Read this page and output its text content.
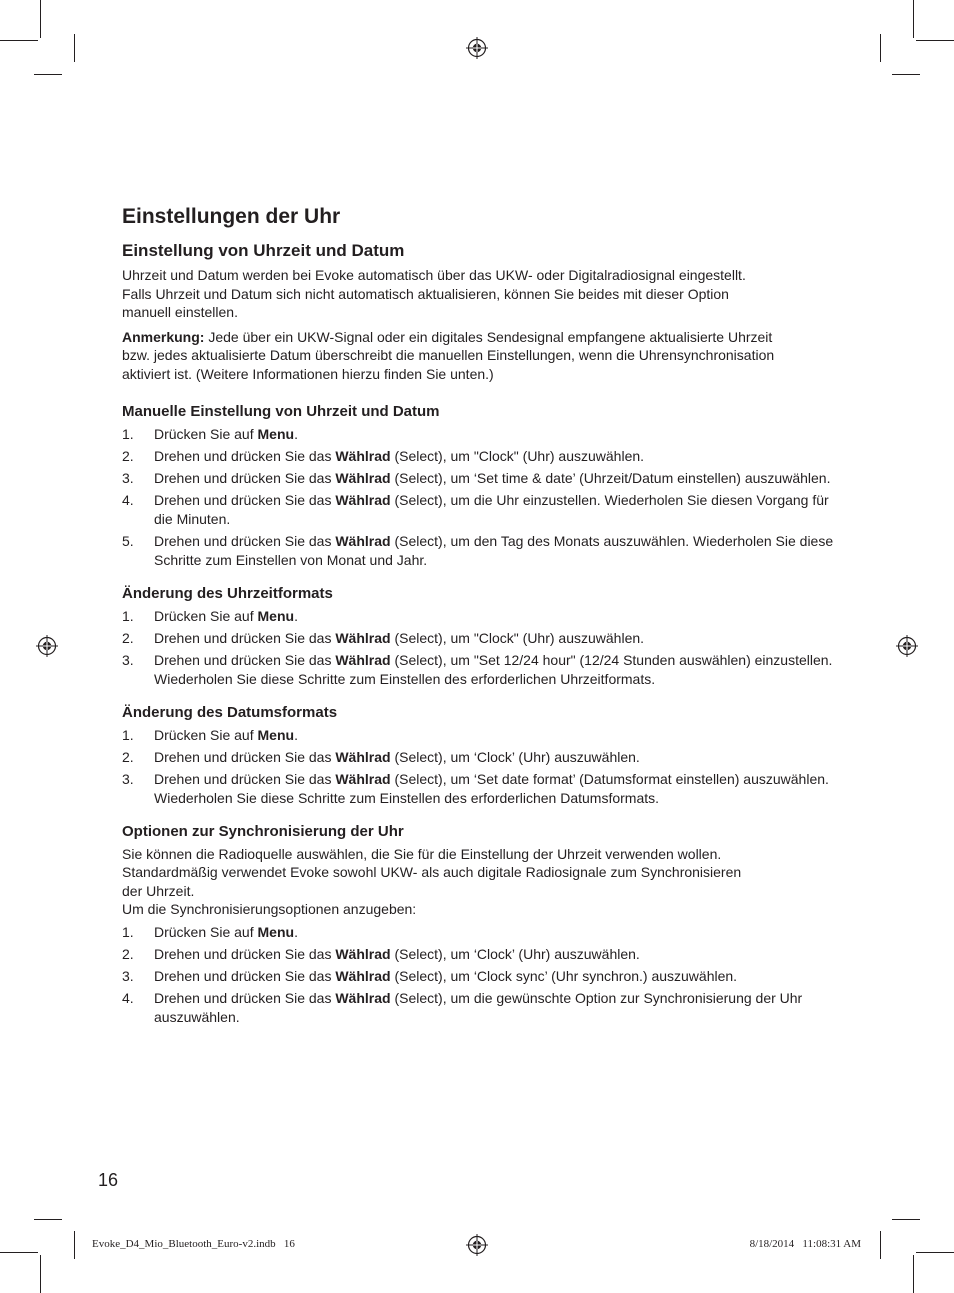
Einstellungen der Uhr
Einstellung von Uhrzeit und Datum

Uhrzeit und Datum werden bei Evoke automatisch über das UKW- oder Digitalradiosignal eingestellt.
Falls Uhrzeit und Datum sich nicht automatisch aktualisieren, können Sie beides mit dieser Option
manuell einstellen.

Anmerkung: Jede über ein UKW-Signal oder ein digitales Sendesignal empfangene aktualisierte Uhrzeit
bzw. jedes aktualisierte Datum überschreibt die manuellen Einstellungen, wenn die Uhrensynchronisation
aktiviert ist. (Weitere Informationen hierzu finden Sie unten.)

Manuelle Einstellung von Uhrzeit und Datum
1. Drücken Sie auf Menu.
2. Drehen und drücken Sie das Wählrad (Select), um "Clock" (Uhr) auszuwählen.
3. Drehen und drücken Sie das Wählrad (Select), um ‘Set time & date’ (Uhrzeit/Datum einstellen) auszuwählen.
4. Drehen und drücken Sie das Wählrad (Select), um die Uhr einzustellen. Wiederholen Sie diesen Vorgang für die Minuten.
5. Drehen und drücken Sie das Wählrad (Select), um den Tag des Monats auszuwählen. Wiederholen Sie diese Schritte zum Einstellen von Monat und Jahr.
Änderung des Uhrzeitformats
1. Drücken Sie auf Menu.
2. Drehen und drücken Sie das Wählrad (Select), um "Clock" (Uhr) auszuwählen.
3. Drehen und drücken Sie das Wählrad (Select), um "Set 12/24 hour" (12/24 Stunden auswählen) einzustellen. Wiederholen Sie diese Schritte zum Einstellen des erforderlichen Uhrzeitformats.
Änderung des Datumsformats
1. Drücken Sie auf Menu.
2. Drehen und drücken Sie das Wählrad (Select), um ‘Clock’ (Uhr) auszuwählen.
3. Drehen und drücken Sie das Wählrad (Select), um ‘Set date format’ (Datumsformat einstellen) auszuwählen. Wiederholen Sie diese Schritte zum Einstellen des erforderlichen Datumsformats.
Optionen zur Synchronisierung der Uhr

Sie können die Radioquelle auswählen, die Sie für die Einstellung der Uhrzeit verwenden wollen.
Standardmäßig verwendet Evoke sowohl UKW- als auch digitale Radiosignale zum Synchronisieren
der Uhrzeit.
Um die Synchronisierungsoptionen anzugeben:

1. Drücken Sie auf Menu.
2. Drehen und drücken Sie das Wählrad (Select), um ‘Clock’ (Uhr) auszuwählen.
3. Drehen und drücken Sie das Wählrad (Select), um ‘Clock sync’ (Uhr synchron.) auszuwählen.
4. Drehen und drücken Sie das Wählrad (Select), um die gewünschte Option zur Synchronisierung der Uhr auszuwählen.
16
Evoke_D4_Mio_Bluetooth_Euro-v2.indb   16	8/18/2014   11:08:31 AM
